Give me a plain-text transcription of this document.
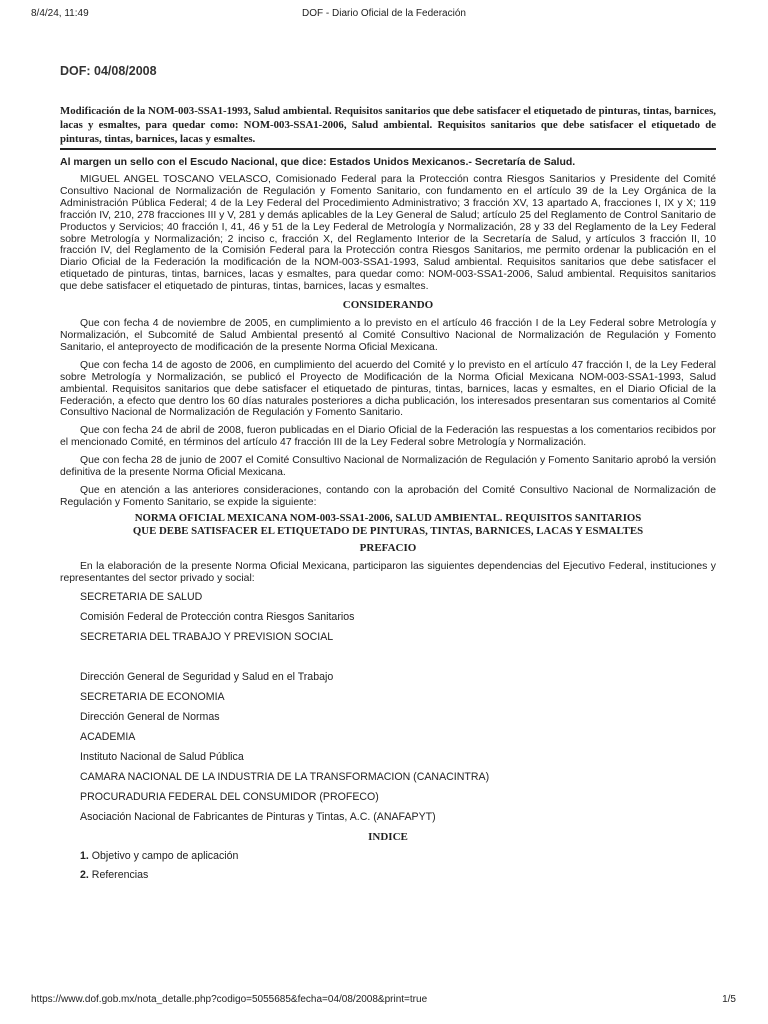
8/4/24, 11:49	DOF - Diario Oficial de la Federación
DOF: 04/08/2008
Modificación de la NOM-003-SSA1-1993, Salud ambiental. Requisitos sanitarios que debe satisfacer el etiquetado de pinturas, tintas, barnices, lacas y esmaltes, para quedar como: NOM-003-SSA1-2006, Salud ambiental. Requisitos sanitarios que debe satisfacer el etiquetado de pinturas, tintas, barnices, lacas y esmaltes.
Al margen un sello con el Escudo Nacional, que dice: Estados Unidos Mexicanos.- Secretaría de Salud.

MIGUEL ANGEL TOSCANO VELASCO, Comisionado Federal para la Protección contra Riesgos Sanitarios y Presidente del Comité Consultivo Nacional de Normalización de Regulación y Fomento Sanitario, con fundamento en el artículo 39 de la Ley Orgánica de la Administración Pública Federal; 4 de la Ley Federal del Procedimiento Administrativo; 3 fracción XV, 13 apartado A, fracciones I, IX y X; 119 fracción IV, 210, 278 fracciones III y V, 281 y demás aplicables de la Ley General de Salud; artículo 25 del Reglamento de Control Sanitario de Productos y Servicios; 40 fracción I, 41, 46 y 51 de la Ley Federal de Metrología y Normalización, 28 y 33 del Reglamento de la Ley Federal sobre Metrología y Normalización; 2 inciso c, fracción X, del Reglamento Interior de la Secretaría de Salud, y artículos 3 fracción II, 10 fracción IV, del Reglamento de la Comisión Federal para la Protección contra Riesgos Sanitarios, me permito ordenar la publicación en el Diario Oficial de la Federación la modificación de la NOM-003-SSA1-1993, Salud ambiental. Requisitos sanitarios que debe satisfacer el etiquetado de pinturas, tintas, barnices, lacas y esmaltes, para quedar como: NOM-003-SSA1-2006, Salud ambiental. Requisitos sanitarios que debe satisfacer el etiquetado de pinturas, tintas, barnices, lacas y esmaltes.

CONSIDERANDO

Que con fecha 4 de noviembre de 2005, en cumplimiento a lo previsto en el artículo 46 fracción I de la Ley Federal sobre Metrología y Normalización, el Subcomité de Salud Ambiental presentó al Comité Consultivo Nacional de Normalización de Regulación y Fomento Sanitario, el anteproyecto de modificación de la presente Norma Oficial Mexicana.

Que con fecha 14 de agosto de 2006, en cumplimiento del acuerdo del Comité y lo previsto en el artículo 47 fracción I, de la Ley Federal sobre Metrología y Normalización, se publicó el Proyecto de Modificación de la Norma Oficial Mexicana NOM-003-SSA1-1993, Salud ambiental. Requisitos sanitarios que debe satisfacer el etiquetado de pinturas, tintas, barnices, lacas y esmaltes, en el Diario Oficial de la Federación, a efecto que dentro los 60 días naturales posteriores a dicha publicación, los interesados presentaran sus comentarios al Comité Consultivo Nacional de Normalización de Regulación y Fomento Sanitario.

Que con fecha 24 de abril de 2008, fueron publicadas en el Diario Oficial de la Federación las respuestas a los comentarios recibidos por el mencionado Comité, en términos del artículo 47 fracción III de la Ley Federal sobre Metrología y Normalización.

Que con fecha 28 de junio de 2007 el Comité Consultivo Nacional de Normalización de Regulación y Fomento Sanitario aprobó la versión definitiva de la presente Norma Oficial Mexicana.

Que en atención a las anteriores consideraciones, contando con la aprobación del Comité Consultivo Nacional de Normalización de Regulación y Fomento Sanitario, se expide la siguiente:

NORMA OFICIAL MEXICANA NOM-003-SSA1-2006, SALUD AMBIENTAL. REQUISITOS SANITARIOS
QUE DEBE SATISFACER EL ETIQUETADO DE PINTURAS, TINTAS, BARNICES, LACAS Y ESMALTES
PREFACIO

En la elaboración de la presente Norma Oficial Mexicana, participaron las siguientes dependencias del Ejecutivo Federal, instituciones y representantes del sector privado y social:

SECRETARIA DE SALUD
Comisión Federal de Protección contra Riesgos Sanitarios
SECRETARIA DEL TRABAJO Y PREVISION SOCIAL
Dirección General de Seguridad y Salud en el Trabajo
SECRETARIA DE ECONOMIA
Dirección General de Normas
ACADEMIA
Instituto Nacional de Salud Pública
CAMARA NACIONAL DE LA INDUSTRIA DE LA TRANSFORMACION (CANACINTRA)
PROCURADURIA FEDERAL DEL CONSUMIDOR (PROFECO)
Asociación Nacional de Fabricantes de Pinturas y Tintas, A.C. (ANAFAPYT)
INDICE
1. Objetivo y campo de aplicación
2. Referencias
https://www.dof.gob.mx/nota_detalle.php?codigo=5055685&fecha=04/08/2008&print=true	1/5
